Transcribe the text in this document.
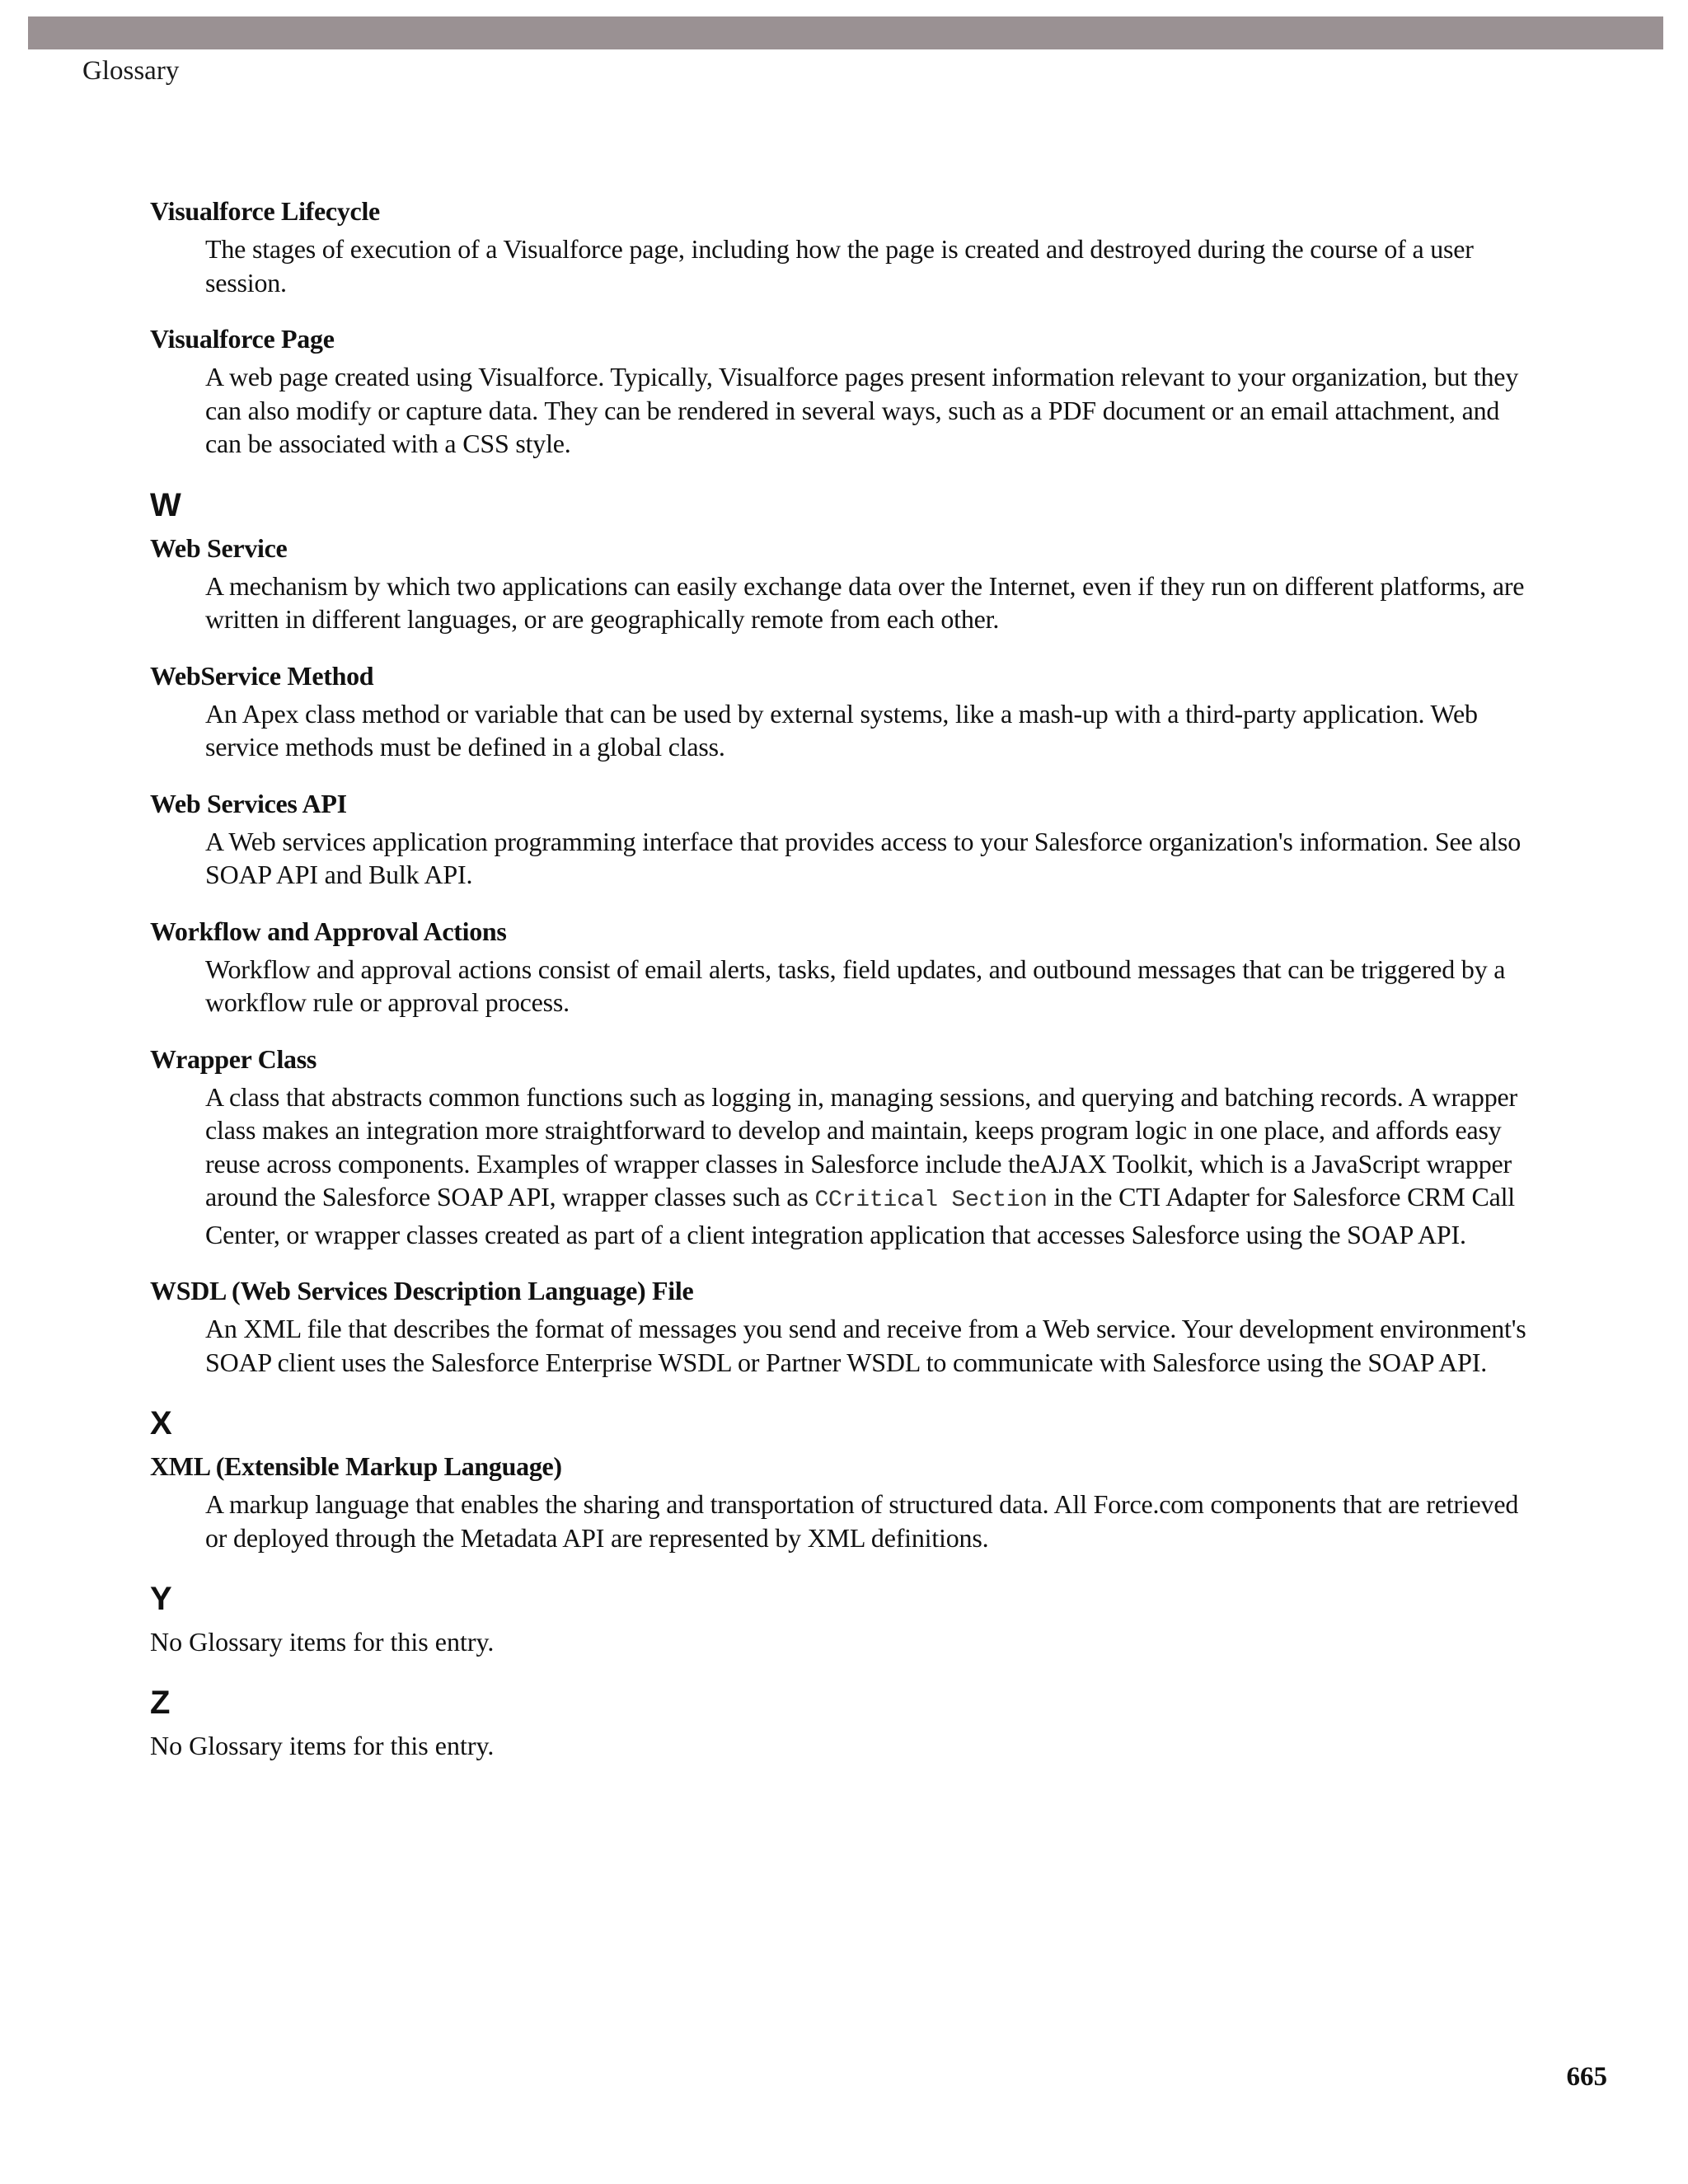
Glossary

Visualforce Lifecycle

The stages of execution of a Visualforce page, including how the page is created and destroyed during the course of a user session.

Visualforce Page

A web page created using Visualforce. Typically, Visualforce pages present information relevant to your organization, but they can also modify or capture data. They can be rendered in several ways, such as a PDF document or an email attachment, and can be associated with a CSS style.

W

Web Service

A mechanism by which two applications can easily exchange data over the Internet, even if they run on different platforms, are written in different languages, or are geographically remote from each other.

WebService Method

An Apex class method or variable that can be used by external systems, like a mash-up with a third-party application. Web service methods must be defined in a global class.

Web Services API

A Web services application programming interface that provides access to your Salesforce organization's information. See also SOAP API and Bulk API.

Workflow and Approval Actions

Workflow and approval actions consist of email alerts, tasks, field updates, and outbound messages that can be triggered by a workflow rule or approval process.

Wrapper Class

A class that abstracts common functions such as logging in, managing sessions, and querying and batching records. A wrapper class makes an integration more straightforward to develop and maintain, keeps program logic in one place, and affords easy reuse across components. Examples of wrapper classes in Salesforce include theAJAX Toolkit, which is a JavaScript wrapper around the Salesforce SOAP API, wrapper classes such as CCritical Section in the CTI Adapter for Salesforce CRM Call Center, or wrapper classes created as part of a client integration application that accesses Salesforce using the SOAP API.

WSDL (Web Services Description Language) File

An XML file that describes the format of messages you send and receive from a Web service. Your development environment's SOAP client uses the Salesforce Enterprise WSDL or Partner WSDL to communicate with Salesforce using the SOAP API.

X

XML (Extensible Markup Language)

A markup language that enables the sharing and transportation of structured data. All Force.com components that are retrieved or deployed through the Metadata API are represented by XML definitions.

Y

No Glossary items for this entry.

Z

No Glossary items for this entry.

665
